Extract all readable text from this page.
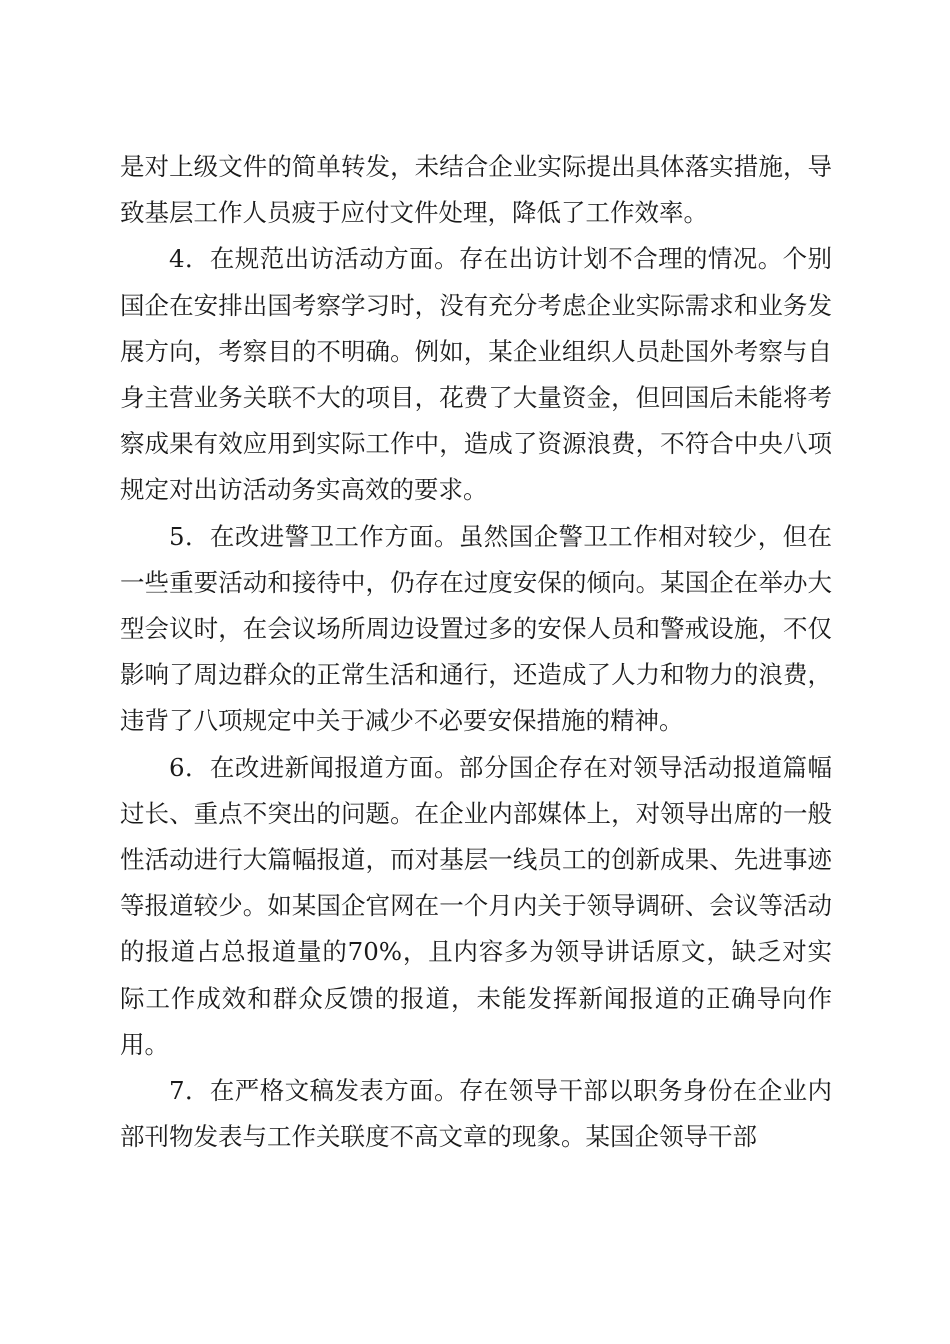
是对上级文件的简单转发，未结合企业实际提出具体落实措施，导致基层工作人员疲于应付文件处理，降低了工作效率。

4．在规范出访活动方面。存在出访计划不合理的情况。个别国企在安排出国考察学习时，没有充分考虑企业实际需求和业务发展方向，考察目的不明确。例如，某企业组织人员赴国外考察与自身主营业务关联不大的项目，花费了大量资金，但回国后未能将考察成果有效应用到实际工作中，造成了资源浪费，不符合中央八项规定对出访活动务实高效的要求。

5．在改进警卫工作方面。虽然国企警卫工作相对较少，但在一些重要活动和接待中，仍存在过度安保的倾向。某国企在举办大型会议时，在会议场所周边设置过多的安保人员和警戒设施，不仅影响了周边群众的正常生活和通行，还造成了人力和物力的浪费，违背了八项规定中关于减少不必要安保措施的精神。

6．在改进新闻报道方面。部分国企存在对领导活动报道篇幅过长、重点不突出的问题。在企业内部媒体上，对领导出席的一般性活动进行大篇幅报道，而对基层一线员工的创新成果、先进事迹等报道较少。如某国企官网在一个月内关于领导调研、会议等活动的报道占总报道量的70%，且内容多为领导讲话原文，缺乏对实际工作成效和群众反馈的报道，未能发挥新闻报道的正确导向作用。

7．在严格文稿发表方面。存在领导干部以职务身份在企业内部刊物发表与工作关联度不高文章的现象。某国企领导干部
